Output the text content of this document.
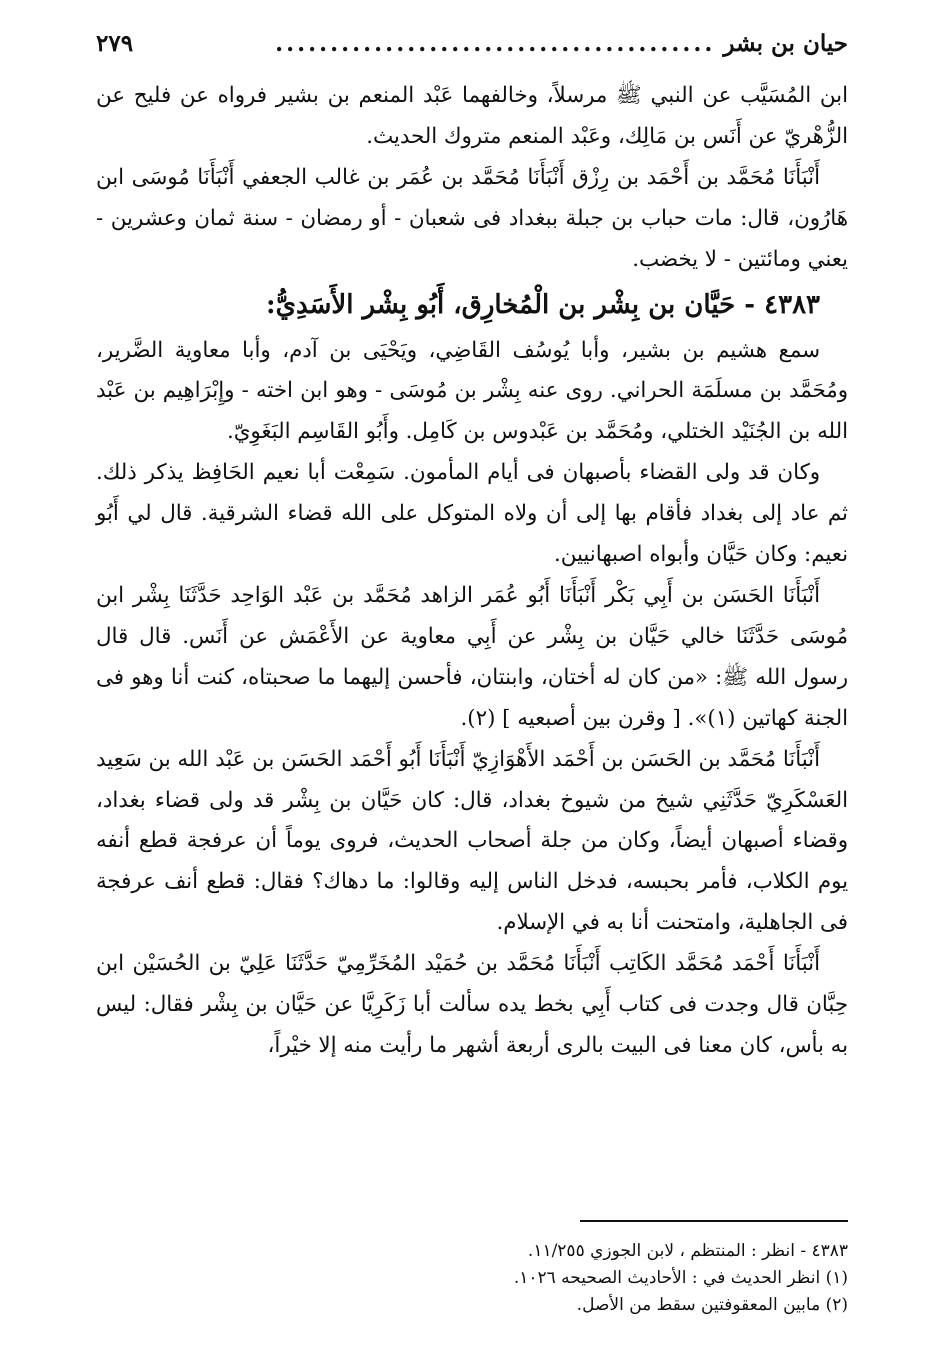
حيان بن بشر
........................................
٢٧٩

ابن المُسَيَّب عن النبي ﷺ مرسلاً، وخالفهما عَبْد المنعم بن بشير فرواه عن فليح عن الزُّهْريّ عن أَنَس بن مَالِك، وعَبْد المنعم متروك الحديث.

أَنْبَأَنَا مُحَمَّد بن أَحْمَد بن رِزْق أَنْبَأَنَا مُحَمَّد بن عُمَر بن غالب الجعفي أَنْبَأَنَا مُوسَى ابن هَارُون، قال: مات حباب بن جبلة ببغداد فى شعبان - أو رمضان - سنة ثمان وعشرين - يعني ومائتين - لا يخضب.

٤٣٨٣ - حَيَّان بن بِشْر بن الْمُخارِق، أَبُو بِشْر الأَسَدِيُّ:

سمع هشيم بن بشير، وأبا يُوسُف القَاضِي، ويَحْيَى بن آدم، وأبا معاوية الضَّرير، ومُحَمَّد بن مسلَمَة الحراني. روى عنه بِشْر بن مُوسَى - وهو ابن اخته - وإِبْرَاهِيم بن عَبْد الله بن الجُنَيْد الختلي، ومُحَمَّد بن عَبْدوس بن كَامِل. وأَبُو القَاسِم البَغَوِيّ.

وكان قد ولى القضاء بأصبهان فى أيام المأمون. سَمِعْت أبا نعيم الحَافِظ يذكر ذلك. ثم عاد إلى بغداد فأقام بها إلى أن ولاه المتوكل على الله قضاء الشرقية. قال لي أَبُو نعيم: وكان حَيَّان وأبواه اصبهانيين.

أَنْبَأَنَا الحَسَن بن أَبِي بَكْر أَنْبَأَنَا أَبُو عُمَر الزاهد مُحَمَّد بن عَبْد الوَاحِد حَدَّثَنَا بِشْر ابن مُوسَى حَدَّثَنَا خالي حَيَّان بن بِشْر عن أَبِي معاوية عن الأَعْمَش عن أَنَس. قال قال رسول الله ﷺ: «من كان له أختان، وابنتان، فأحسن إليهما ما صحبتاه، كنت أنا وهو فى الجنة كهاتين (١)». [ وقرن بين أصبعيه ] (٢).

أَنْبَأَنَا مُحَمَّد بن الحَسَن بن أَحْمَد الأَهْوَازِيّ أَنْبَأَنَا أَبُو أَحْمَد الحَسَن بن عَبْد الله بن سَعِيد العَسْكَرِيّ حَدَّثَنِي شيخ من شيوخ بغداد، قال: كان حَيَّان بن بِشْر قد ولى قضاء بغداد، وقضاء أصبهان أيضاً، وكان من جلة أصحاب الحديث، فروى يوماً أن عرفجة قطع أنفه يوم الكلاب، فأمر بحبسه، فدخل الناس إليه وقالوا: ما دهاك؟ فقال: قطع أنف عرفجة فى الجاهلية، وامتحنت أنا به في الإسلام.

أَنْبَأَنَا أَحْمَد مُحَمَّد الكَاتِب أَنْبَأَنَا مُحَمَّد بن حُمَيْد المُخَرِّمِيّ حَدَّثَنَا عَلِيّ بن الحُسَيْن ابن حِبَّان قال وجدت فى كتاب أَبِي بخط يده سألت أبا زَكَرِيَّا عن حَيَّان بن بِشْر فقال: ليس به بأس، كان معنا فى البيت بالرى أربعة أشهر ما رأيت منه إلا خيْراً،

٤٣٨٣ - انظر : المنتظم ، لابن الجوزي ١١/٢٥٥.

(١) انظر الحديث في : الأحاديث الصحيحه ١٠٢٦.

(٢) مابين المعقوفتين سقط من الأصل.
